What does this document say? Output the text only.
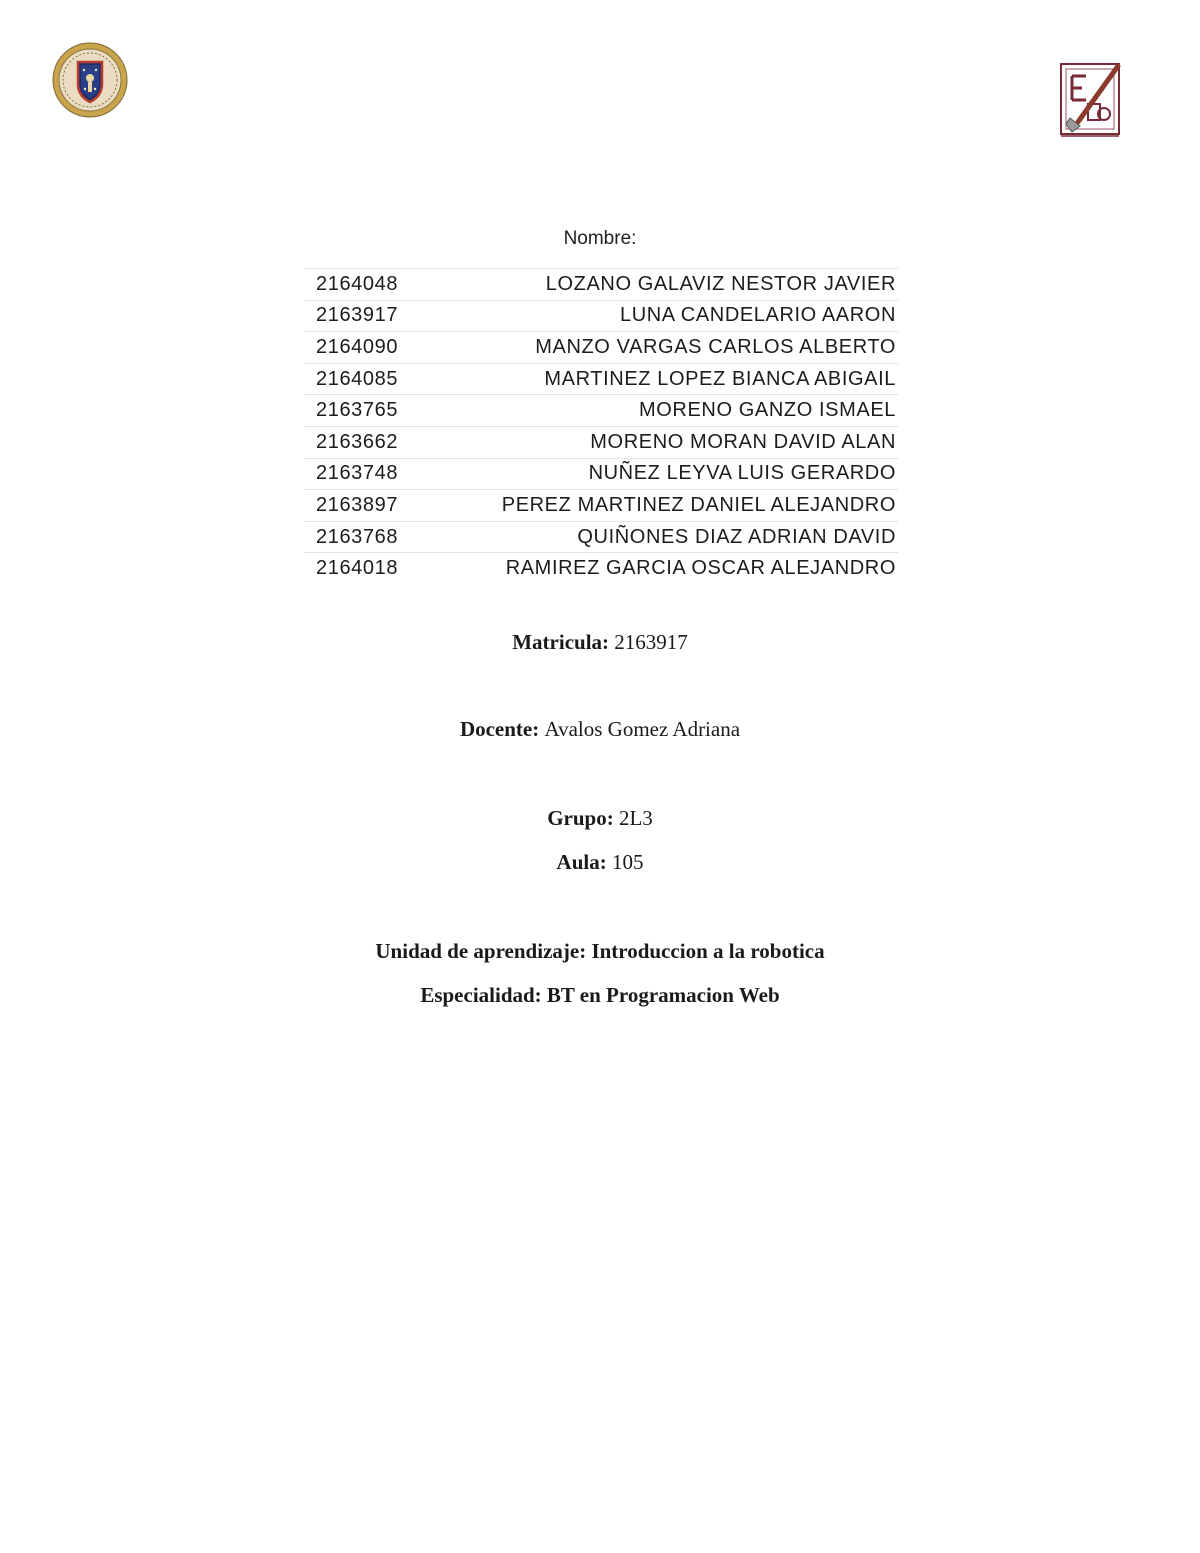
Nombre:
2164048	LOZANO GALAVIZ NESTOR JAVIER
2163917	LUNA CANDELARIO AARON
2164090	MANZO VARGAS CARLOS ALBERTO
2164085	MARTINEZ LOPEZ BIANCA ABIGAIL
2163765	MORENO GANZO ISMAEL
2163662	MORENO MORAN DAVID ALAN
2163748	NUÑEZ LEYVA LUIS GERARDO
2163897	PEREZ MARTINEZ DANIEL ALEJANDRO
2163768	QUIÑONES DIAZ ADRIAN DAVID
2164018	RAMIREZ GARCIA OSCAR ALEJANDRO
Matricula: 2163917
Docente: Avalos Gomez Adriana
Grupo: 2L3
Aula: 105
Unidad de aprendizaje: Introduccion a la robotica
Especialidad: BT en Programacion Web
